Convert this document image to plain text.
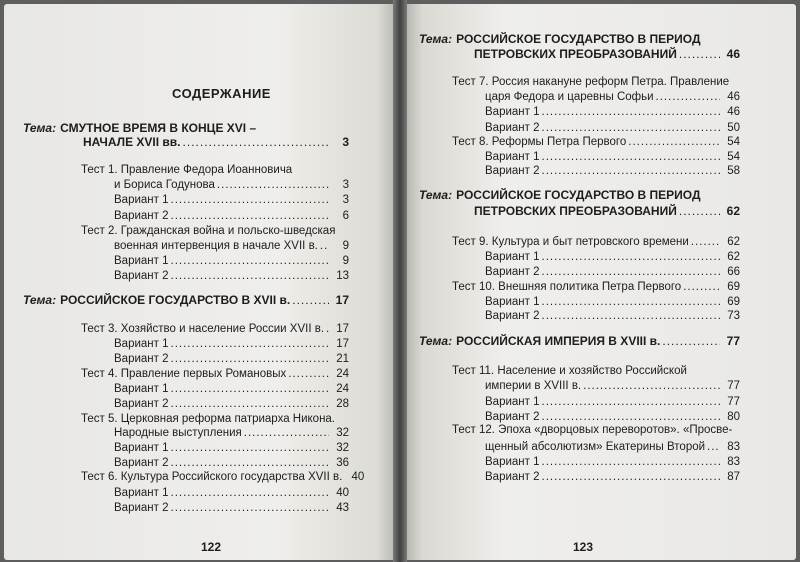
СОДЕРЖАНИЕ
122
Тема: СМУТНОЕ ВРЕМЯ В КОНЦЕ XVI –
НАЧАЛЕ XVII вв. .....	3
Тест 1. Правление Федора Иоанновича
и Бориса Годунова .....	3
Вариант 1 .....	3
Вариант 2 .....	6
Тест 2. Гражданская война и польско-шведская
военная интервенция в начале XVII в. .....	9
Вариант 1 .....	9
Вариант 2 .....	13
Тема: РОССИЙСКОЕ ГОСУДАРСТВО В XVII в. .....	17
Тест 3. Хозяйство и население России XVII в. .....	17
Вариант 1 .....	17
Вариант 2 .....	21
Тест 4. Правление первых Романовых .....	24
Вариант 1 .....	24
Вариант 2 .....	28
Тест 5. Церковная реформа патриарха Никона.
Народные выступления .....	32
Вариант 1 .....	32
Вариант 2 .....	36
Тест 6. Культура Российского государства XVII в. 40
Вариант 1 .....	40
Вариант 2 .....	43
123
Тема: РОССИЙСКОЕ ГОСУДАРСТВО В ПЕРИОД
ПЕТРОВСКИХ ПРЕОБРАЗОВАНИЙ .....	46
Тест 7. Россия накануне реформ Петра. Правление
царя Федора и царевны Софьи .....	46
Вариант 1 .....	46
Вариант 2 .....	50
Тест 8. Реформы Петра Первого .....	54
Вариант 1 .....	54
Вариант 2 .....	58
Тема: РОССИЙСКОЕ ГОСУДАРСТВО В ПЕРИОД
ПЕТРОВСКИХ ПРЕОБРАЗОВАНИЙ .....	62
Тест 9. Культура и быт петровского времени .....	62
Вариант 1 .....	62
Вариант 2 .....	66
Тест 10. Внешняя политика Петра Первого .....	69
Вариант 1 .....	69
Вариант 2 .....	73
Тема: РОССИЙСКАЯ ИМПЕРИЯ В XVIII в. .....	77
Тест 11. Население и хозяйство Российской
империи в XVIII в. .....	77
Вариант 1 .....	77
Вариант 2 .....	80
Тест 12. Эпоха «дворцовых переворотов». «Просве-
щенный абсолютизм» Екатерины Второй .....	83
Вариант 1 .....	83
Вариант 2 .....	87
